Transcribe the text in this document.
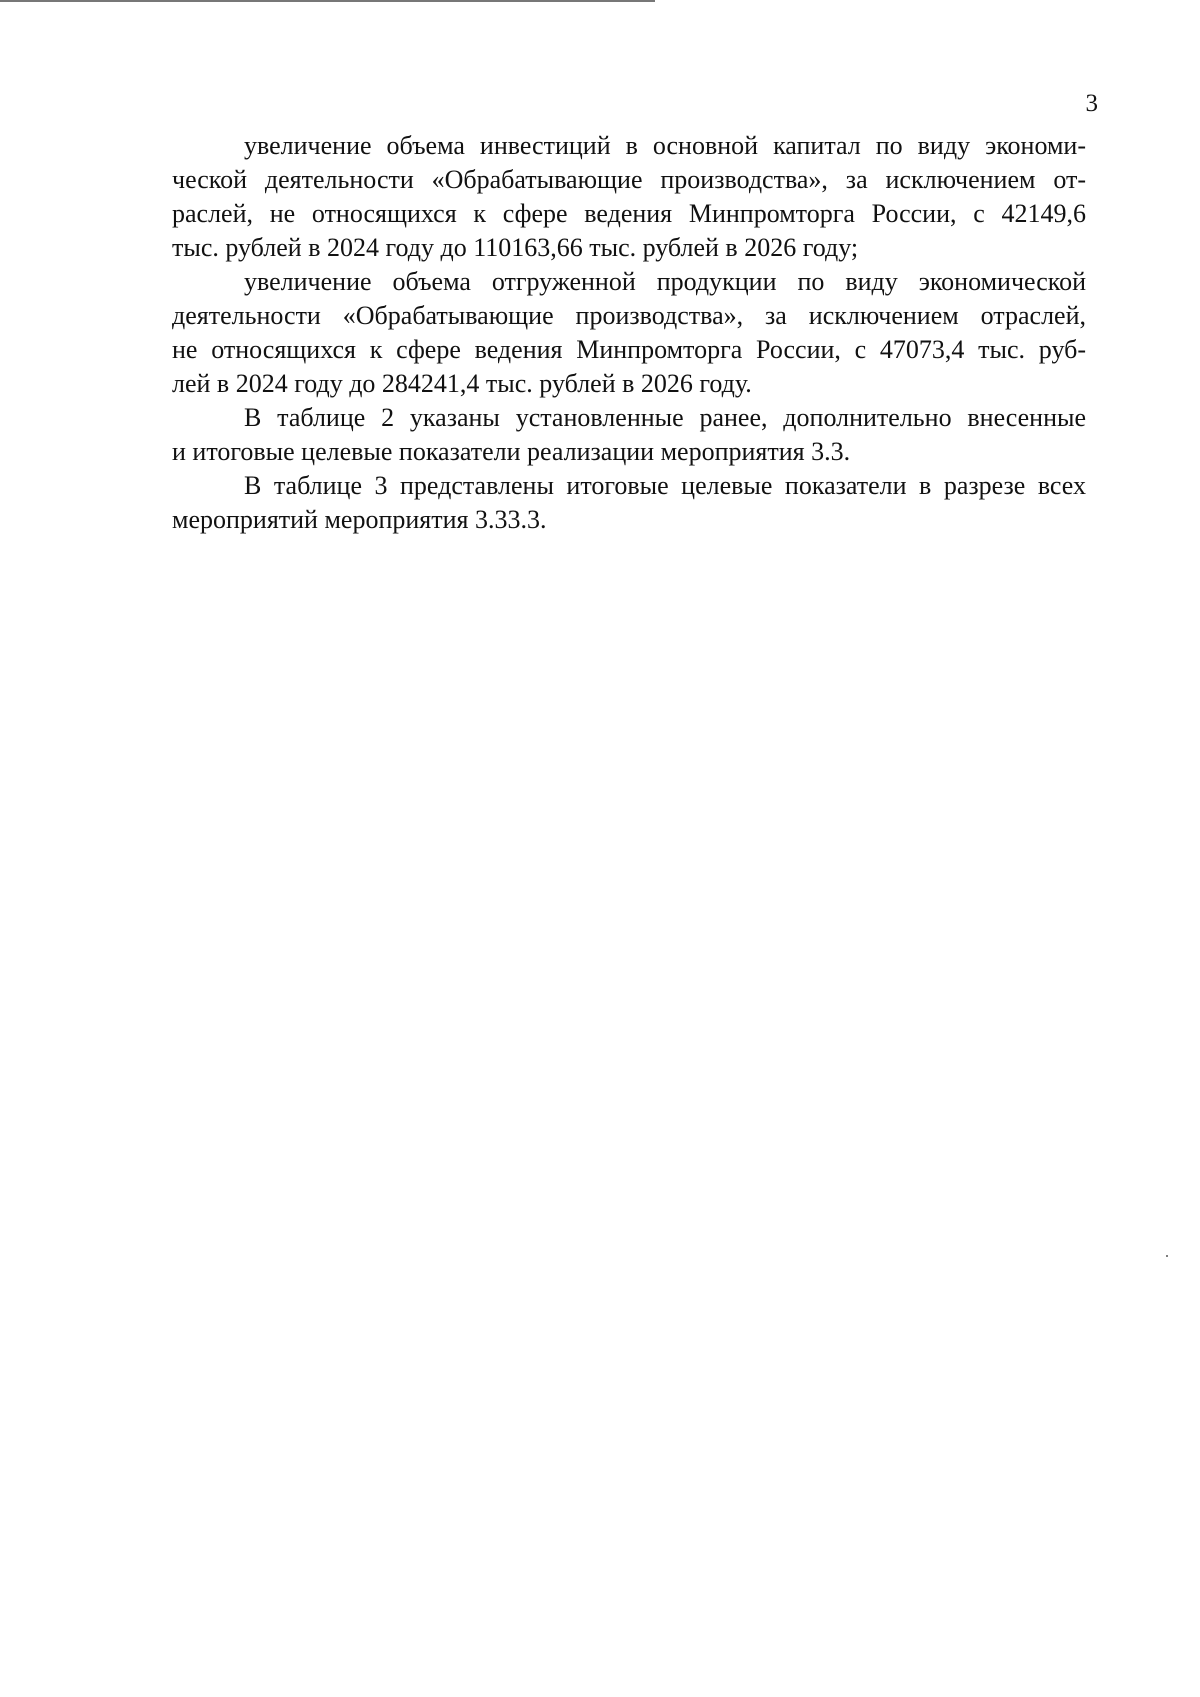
3

увеличение объема инвестиций в основной капитал по виду экономи-
ческой деятельности «Обрабатывающие производства», за исключением от-
раслей, не относящихся к сфере ведения Минпромторга России, с 42149,6
тыс. рублей в 2024 году до 110163,66 тыс. рублей в 2026 году;

увеличение объема отгруженной продукции по виду экономической
деятельности «Обрабатывающие производства», за исключением отраслей,
не относящихся к сфере ведения Минпромторга России, с 47073,4 тыс. руб-
лей в 2024 году до 284241,4 тыс. рублей в 2026 году.

В таблице 2 указаны установленные ранее, дополнительно внесенные
и итоговые целевые показатели реализации мероприятия 3.3.

В таблице 3 представлены итоговые целевые показатели в разрезе всех
мероприятий мероприятия 3.33.3.
